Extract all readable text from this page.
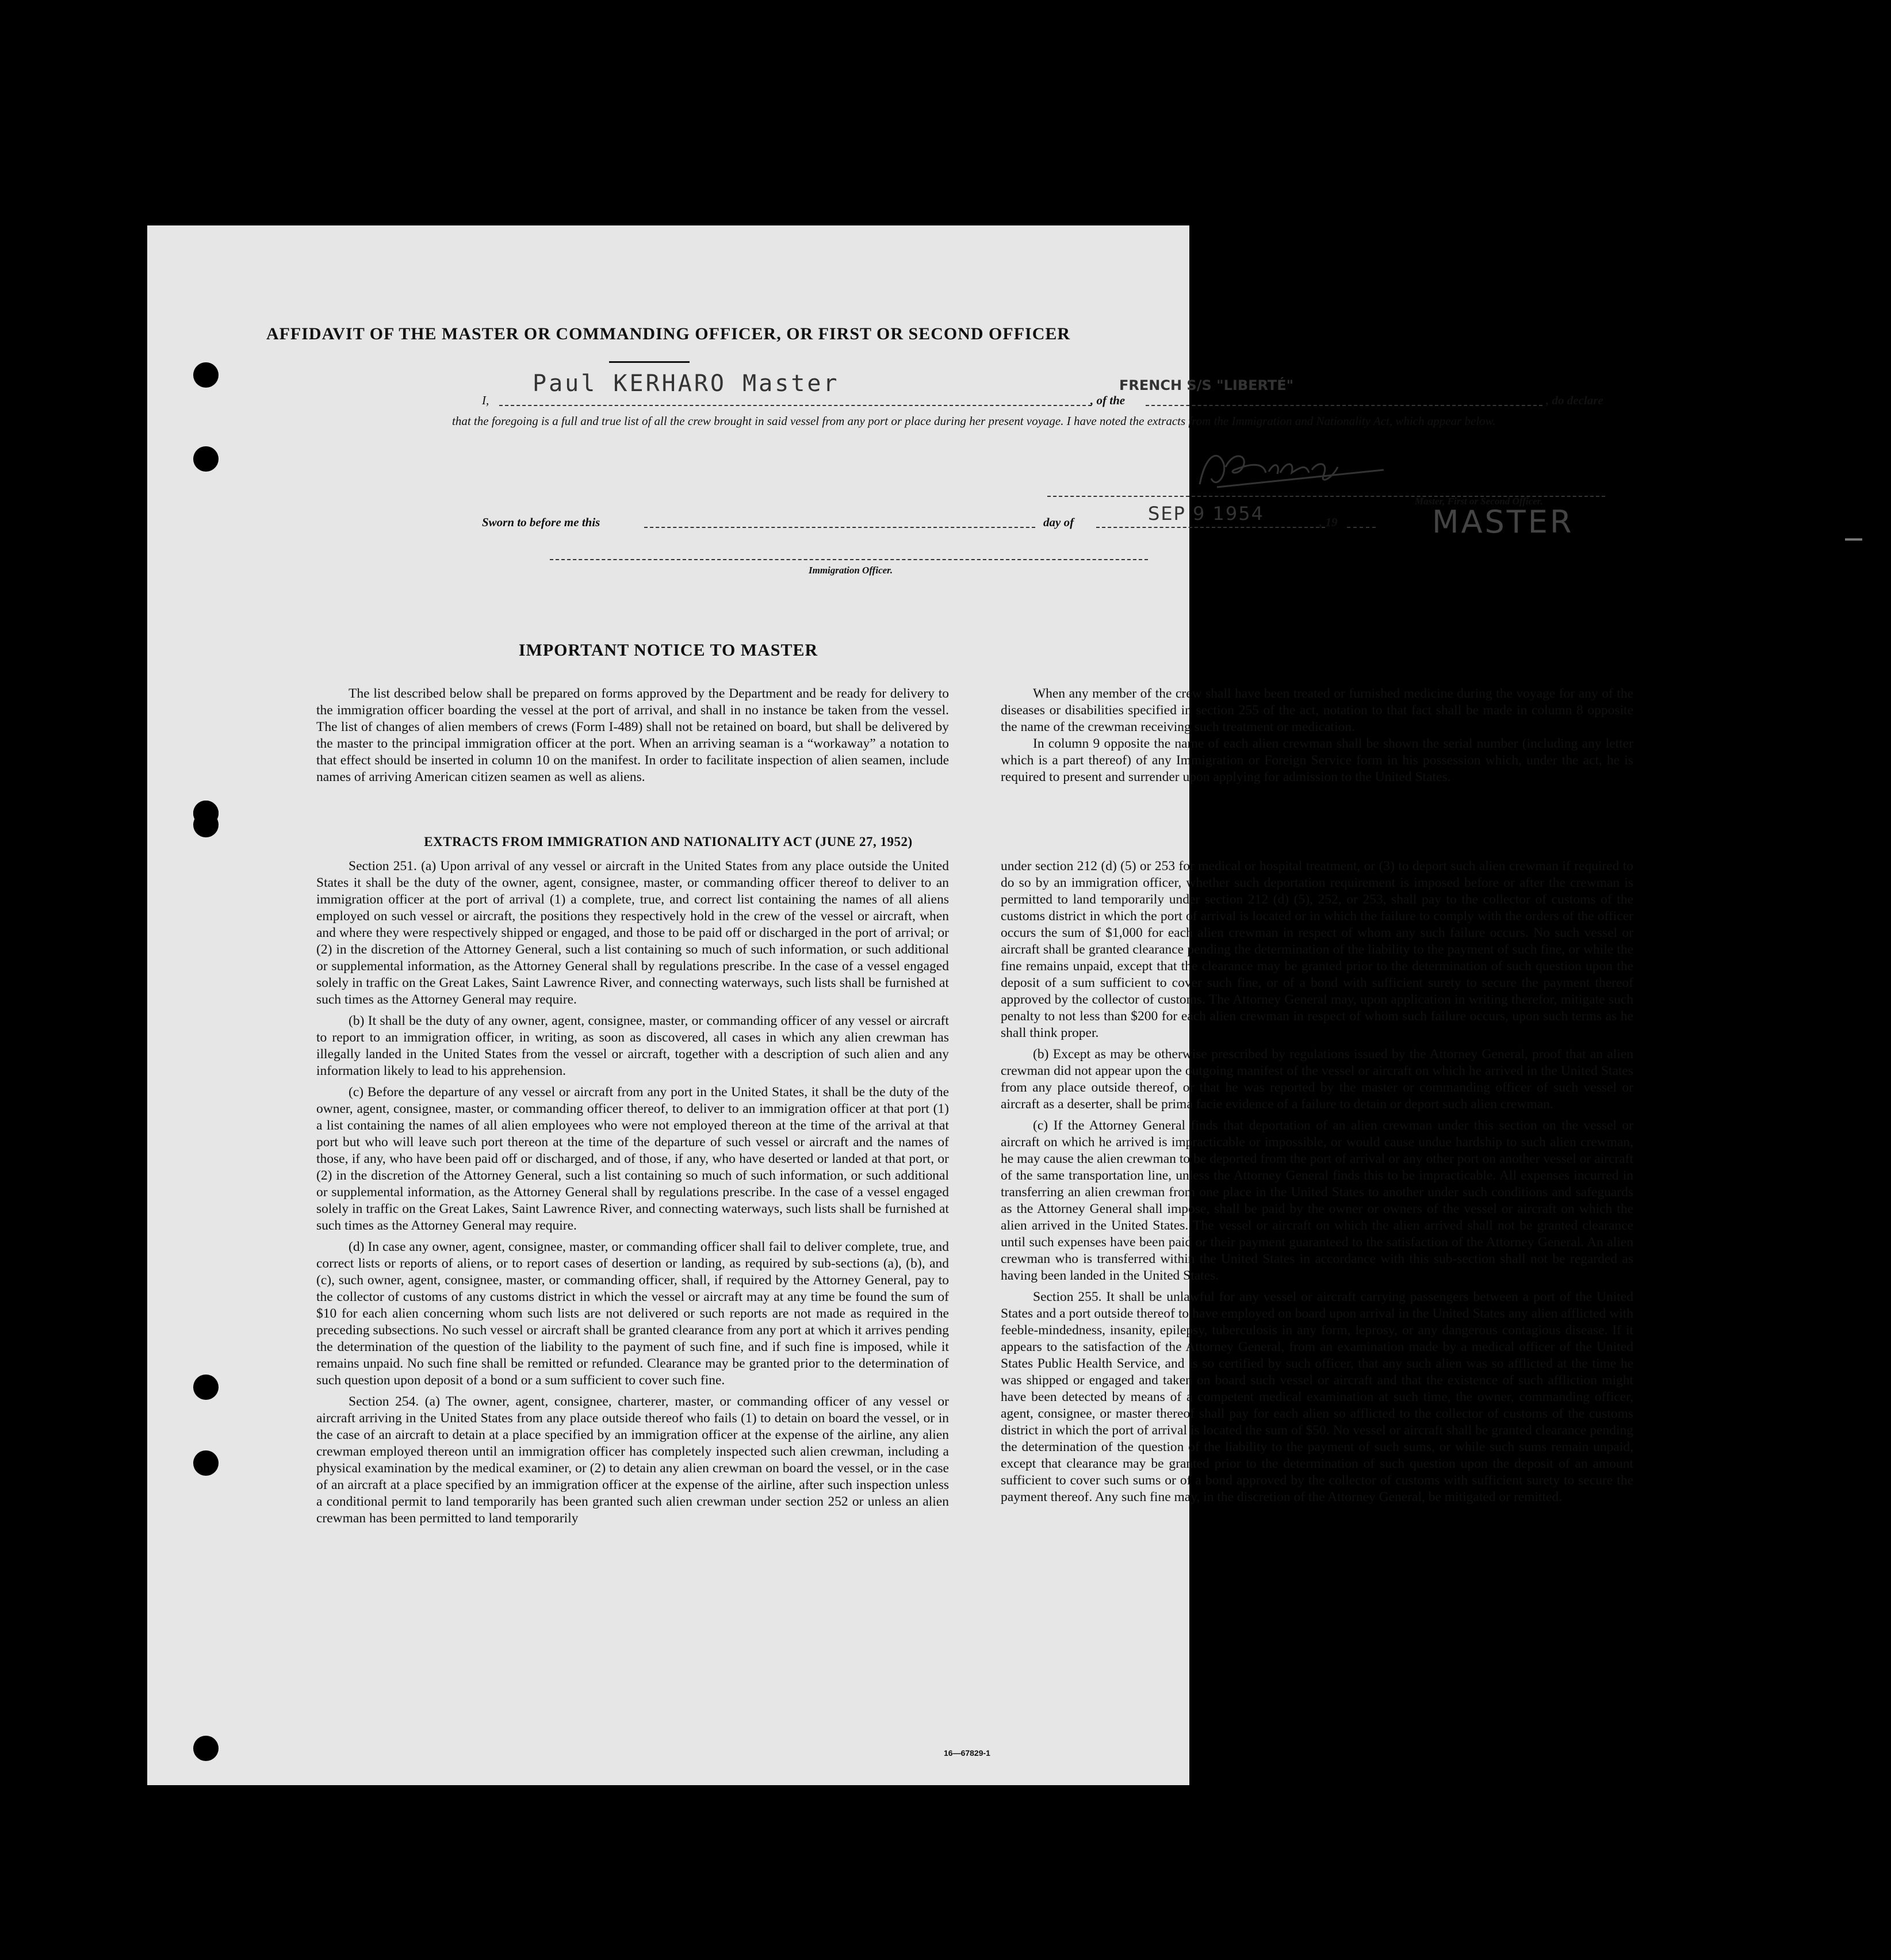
AFFIDAVIT OF THE MASTER OR COMMANDING OFFICER, OR FIRST OR SECOND OFFICER
I,
Paul KERHARO Master
, of the
FRENCH S/S "LIBERTÉ"
, do declare
that the foregoing is a full and true list of all the crew brought in said vessel from any port or place during her present voyage. I have noted the extracts from the Immigration and Nationality Act, which appear below.
Master, First or Second Officer.
MASTER
Sworn to before me this	day of	SEP 9 1954	, 19
Immigration Officer.
IMPORTANT NOTICE TO MASTER

The list described below shall be prepared on forms approved by the Department and be ready for delivery to the immigration officer boarding the vessel at the port of arrival, and shall in no instance be taken from the vessel. The list of changes of alien members of crews (Form I-489) shall not be retained on board, but shall be delivered by the master to the principal immigration officer at the port. When an arriving seaman is a “workaway” a notation to that effect should be inserted in column 10 on the manifest. In order to facilitate inspection of alien seamen, include names of arriving American citizen seamen as well as aliens.

When any member of the crew shall have been treated or furnished medicine during the voyage for any of the diseases or disabilities specified in section 255 of the act, notation to that fact shall be made in column 8 opposite the name of the crewman receiving such treatment or medication.

In column 9 opposite the name of each alien crewman shall be shown the serial number (including any letter which is a part thereof) of any Immigration or Foreign Service form in his possession which, under the act, he is required to present and surrender upon applying for admission to the United States.

EXTRACTS FROM IMMIGRATION AND NATIONALITY ACT (JUNE 27, 1952)

Section 251. (a) Upon arrival of any vessel or aircraft in the United States from any place outside the United States it shall be the duty of the owner, agent, consignee, master, or commanding officer thereof to deliver to an immigration officer at the port of arrival (1) a complete, true, and correct list containing the names of all aliens employed on such vessel or aircraft, the positions they respectively hold in the crew of the vessel or aircraft, when and where they were respectively shipped or engaged, and those to be paid off or discharged in the port of arrival; or (2) in the discretion of the Attorney General, such a list containing so much of such information, or such additional or supplemental information, as the Attorney General shall by regulations prescribe. In the case of a vessel engaged solely in traffic on the Great Lakes, Saint Lawrence River, and connecting waterways, such lists shall be furnished at such times as the Attorney General may require.

(b) It shall be the duty of any owner, agent, consignee, master, or commanding officer of any vessel or aircraft to report to an immigration officer, in writing, as soon as discovered, all cases in which any alien crewman has illegally landed in the United States from the vessel or aircraft, together with a description of such alien and any information likely to lead to his apprehension.

(c) Before the departure of any vessel or aircraft from any port in the United States, it shall be the duty of the owner, agent, consignee, master, or commanding officer thereof, to deliver to an immigration officer at that port (1) a list containing the names of all alien employees who were not employed thereon at the time of the arrival at that port but who will leave such port thereon at the time of the departure of such vessel or aircraft and the names of those, if any, who have been paid off or discharged, and of those, if any, who have deserted or landed at that port, or (2) in the discretion of the Attorney General, such a list containing so much of such information, or such additional or supplemental information, as the Attorney General shall by regulations prescribe. In the case of a vessel engaged solely in traffic on the Great Lakes, Saint Lawrence River, and connecting waterways, such lists shall be furnished at such times as the Attorney General may require.

(d) In case any owner, agent, consignee, master, or commanding officer shall fail to deliver complete, true, and correct lists or reports of aliens, or to report cases of desertion or landing, as required by sub-sections (a), (b), and (c), such owner, agent, consignee, master, or commanding officer, shall, if required by the Attorney General, pay to the collector of customs of any customs district in which the vessel or aircraft may at any time be found the sum of $10 for each alien concerning whom such lists are not delivered or such reports are not made as required in the preceding subsections. No such vessel or aircraft shall be granted clearance from any port at which it arrives pending the determination of the question of the liability to the payment of such fine, and if such fine is imposed, while it remains unpaid. No such fine shall be remitted or refunded. Clearance may be granted prior to the determination of such question upon deposit of a bond or a sum sufficient to cover such fine.

Section 254. (a) The owner, agent, consignee, charterer, master, or commanding officer of any vessel or aircraft arriving in the United States from any place outside thereof who fails (1) to detain on board the vessel, or in the case of an aircraft to detain at a place specified by an immigration officer at the expense of the airline, any alien crewman employed thereon until an immigration officer has completely inspected such alien crewman, including a physical examination by the medical examiner, or (2) to detain any alien crewman on board the vessel, or in the case of an aircraft at a place specified by an immigration officer at the expense of the airline, after such inspection unless a conditional permit to land temporarily has been granted such alien crewman under section 252 or unless an alien crewman has been permitted to land temporarily

under section 212 (d) (5) or 253 for medical or hospital treatment, or (3) to deport such alien crewman if required to do so by an immigration officer, whether such deportation requirement is imposed before or after the crewman is permitted to land temporarily under section 212 (d) (5), 252, or 253, shall pay to the collector of customs of the customs district in which the port of arrival is located or in which the failure to comply with the orders of the officer occurs the sum of $1,000 for each alien crewman in respect of whom any such failure occurs. No such vessel or aircraft shall be granted clearance pending the determination of the liability to the payment of such fine, or while the fine remains unpaid, except that the clearance may be granted prior to the determination of such question upon the deposit of a sum sufficient to cover such fine, or of a bond with sufficient surety to secure the payment thereof approved by the collector of customs. The Attorney General may, upon application in writing therefor, mitigate such penalty to not less than $200 for each alien crewman in respect of whom such failure occurs, upon such terms as he shall think proper.

(b) Except as may be otherwise prescribed by regulations issued by the Attorney General, proof that an alien crewman did not appear upon the outgoing manifest of the vessel or aircraft on which he arrived in the United States from any place outside thereof, or that he was reported by the master or commanding officer of such vessel or aircraft as a deserter, shall be prima facie evidence of a failure to detain or deport such alien crewman.

(c) If the Attorney General finds that deportation of an alien crewman under this section on the vessel or aircraft on which he arrived is impracticable or impossible, or would cause undue hardship to such alien crewman, he may cause the alien crewman to be deported from the port of arrival or any other port on another vessel or aircraft of the same transportation line, unless the Attorney General finds this to be impracticable. All expenses incurred in transferring an alien crewman from one place in the United States to another under such conditions and safeguards as the Attorney General shall impose, shall be paid by the owner or owners of the vessel or aircraft on which the alien arrived in the United States. The vessel or aircraft on which the alien arrived shall not be granted clearance until such expenses have been paid or their payment guaranteed to the satisfaction of the Attorney General. An alien crewman who is transferred within the United States in accordance with this sub-section shall not be regarded as having been landed in the United States.

Section 255. It shall be unlawful for any vessel or aircraft carrying passengers between a port of the United States and a port outside thereof to have employed on board upon arrival in the United States any alien afflicted with feeble-mindedness, insanity, epilepsy, tuberculosis in any form, leprosy, or any dangerous contagious disease. If it appears to the satisfaction of the Attorney General, from an examination made by a medical officer of the United States Public Health Service, and is so certified by such officer, that any such alien was so afflicted at the time he was shipped or engaged and taken on board such vessel or aircraft and that the existence of such affliction might have been detected by means of a competent medical examination at such time, the owner, commanding officer, agent, consignee, or master thereof shall pay for each alien so afflicted to the collector of customs of the customs district in which the port of arrival is located the sum of $50. No vessel or aircraft shall be granted clearance pending the determination of the question of the liability to the payment of such sums, or while such sums remain unpaid, except that clearance may be granted prior to the determination of such question upon the deposit of an amount sufficient to cover such sums or of a bond approved by the collector of customs with sufficient surety to secure the payment thereof. Any such fine may, in the discretion of the Attorney General, be mitigated or remitted.

16—67829-1
